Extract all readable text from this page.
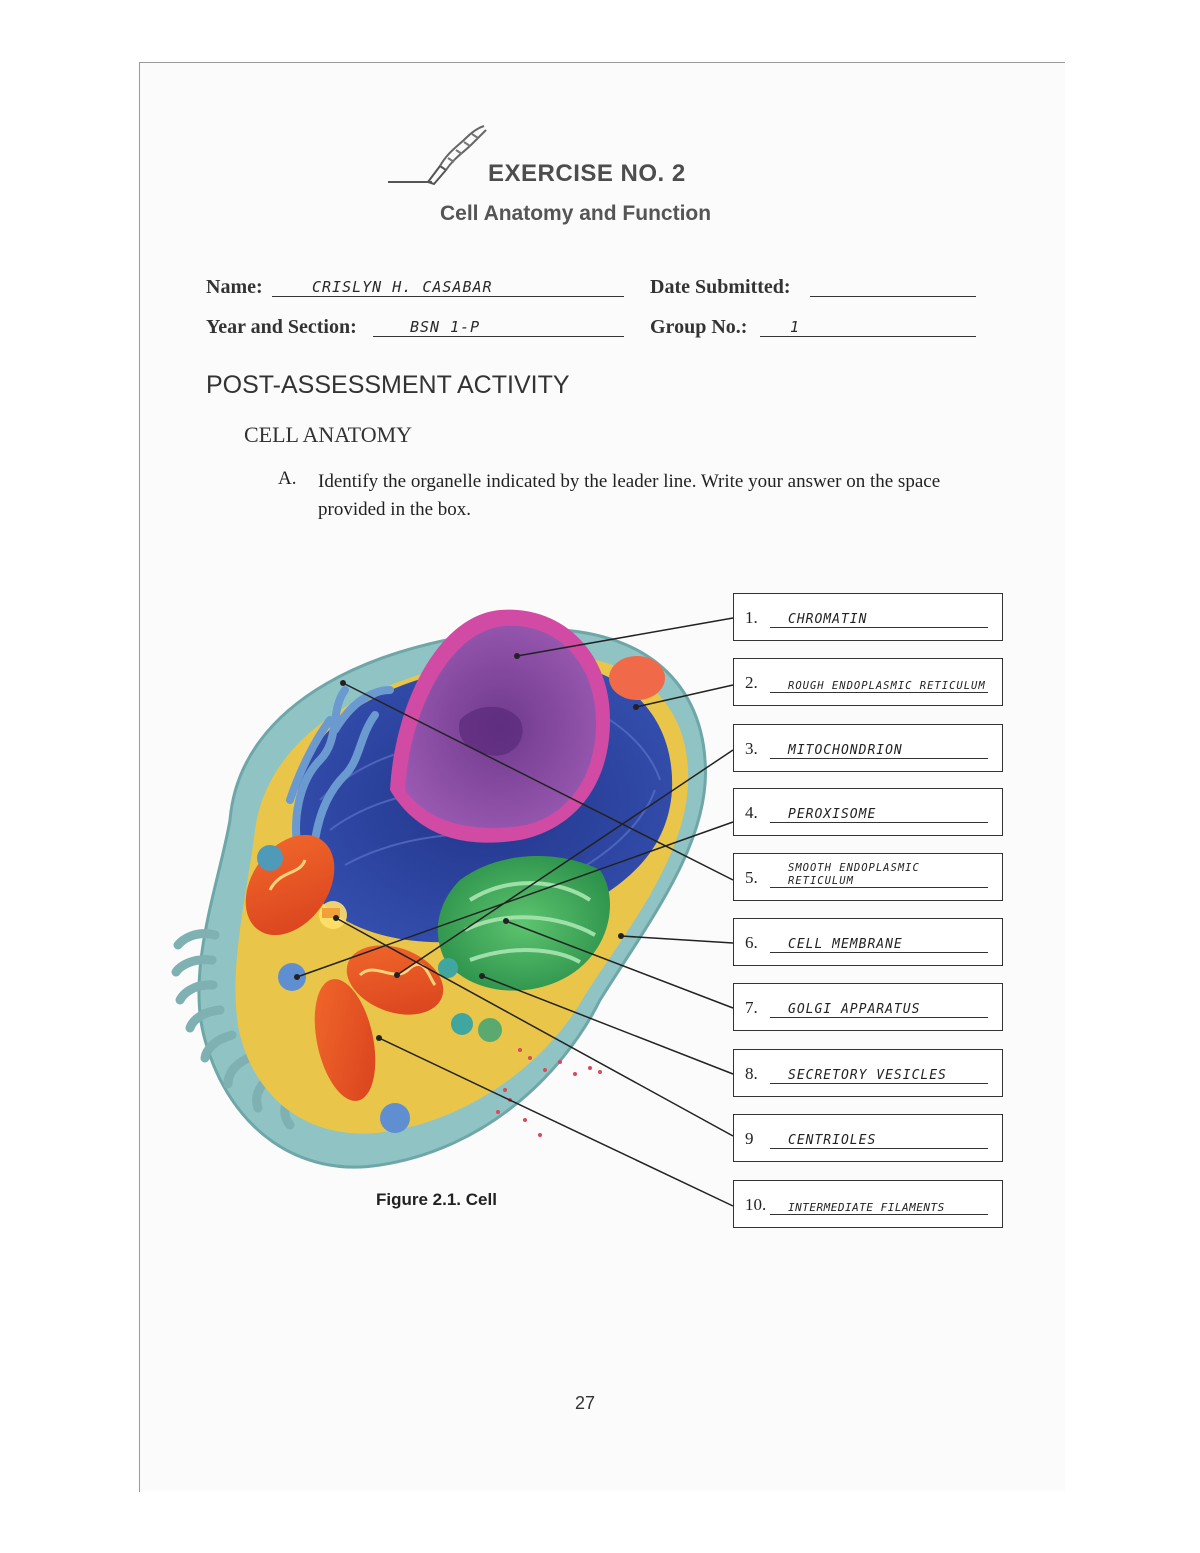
EXERCISE NO. 2
Cell Anatomy and Function
Name:	CRISLYN H. CASABAR	Date Submitted:
Year and Section:	BSN 1-P	Group No.:	1
POST-ASSESSMENT ACTIVITY
CELL ANATOMY
A. Identify the organelle indicated by the leader line. Write your answer on the space provided in the box.
1. CHROMATIN
2.	ROUGH ENDOPLASMIC RETICULUM
3. MITOCHONDRION
4. PEROXISOME
5.	SMOOTH ENDOPLASMIC RETICULUM
6. CELL MEMBRANE
7. GOLGI APPARATUS
8. SECRETORY VESICLES
9	CENTRIOLES
10. INTERMEDIATE FILAMENTS
Figure 2.1. Cell
27
